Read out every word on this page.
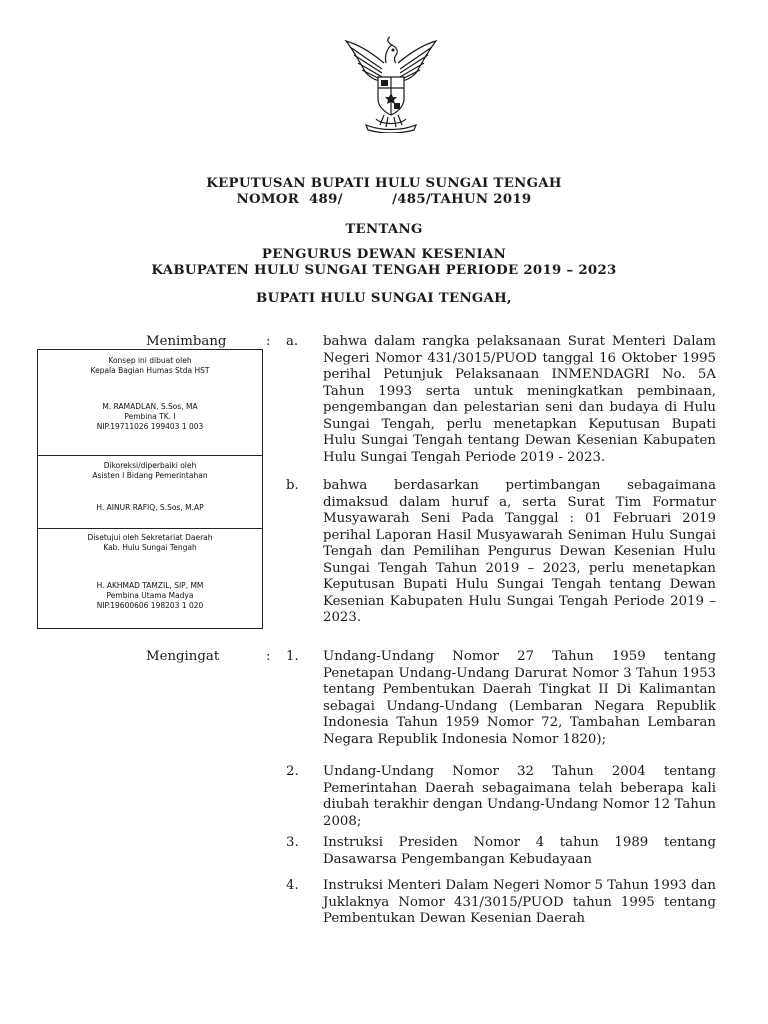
KEPUTUSAN BUPATI HULU SUNGAI TENGAH
NOMOR  489/          /485/TAHUN 2019
TENTANG
PENGURUS DEWAN KESENIAN
KABUPATEN HULU SUNGAI TENGAH PERIODE 2019 – 2023
BUPATI HULU SUNGAI TENGAH,
Menimbang	: a. bahwa dalam rangka pelaksanaan Surat Menteri Dalam Negeri Nomor 431/3015/PUOD tanggal 16 Oktober 1995 perihal Petunjuk Pelaksanaan INMENDAGRI No. 5A Tahun 1993 serta untuk meningkatkan pembinaan, pengembangan dan pelestarian seni dan budaya di Hulu Sungai Tengah, perlu menetapkan Keputusan Bupati Hulu Sungai Tengah tentang Dewan Kesenian Kabupaten Hulu Sungai Tengah Periode 2019 - 2023.
b. bahwa berdasarkan pertimbangan sebagaimana dimaksud dalam huruf a, serta Surat Tim Formatur Musyawarah Seni Pada Tanggal : 01 Februari 2019 perihal Laporan Hasil Musyawarah Seniman Hulu Sungai Tengah dan Pemilihan Pengurus Dewan Kesenian Hulu Sungai Tengah Tahun 2019 – 2023, perlu menetapkan Keputusan Bupati Hulu Sungai Tengah tentang Dewan Kesenian Kabupaten Hulu Sungai Tengah Periode 2019 – 2023.
Konsep ini dibuat oleh
Kepala Bagian Humas Stda HST
M. RAMADLAN, S.Sos, MA
Pembina TK. I
NIP.19711026 199403 1 003
Dikoreksi/diperbaiki oleh
Asisten I Bidang Pemerintahan
H. AINUR RAFIQ, S.Sos, M.AP
Disetujui oleh Sekretariat Daerah
Kab. Hulu Sungai Tengah
H. AKHMAD TAMZIL, SIP, MM
Pembina Utama Madya
NIP.19600606 198203 1 020
Mengingat	: 1. Undang-Undang Nomor 27 Tahun 1959 tentang Penetapan Undang-Undang Darurat Nomor 3 Tahun 1953 tentang Pembentukan Daerah Tingkat II Di Kalimantan sebagai Undang-Undang (Lembaran Negara Republik Indonesia Tahun 1959 Nomor 72, Tambahan Lembaran Negara Republik Indonesia Nomor 1820);
2. Undang-Undang Nomor 32 Tahun 2004 tentang Pemerintahan Daerah sebagaimana telah beberapa kali diubah terakhir dengan Undang-Undang Nomor 12 Tahun 2008;
3. Instruksi Presiden Nomor 4 tahun 1989 tentang Dasawarsa Pengembangan Kebudayaan
4. Instruksi Menteri Dalam Negeri Nomor 5 Tahun 1993 dan Juklaknya Nomor 431/3015/PUOD tahun 1995 tentang Pembentukan Dewan Kesenian Daerah
